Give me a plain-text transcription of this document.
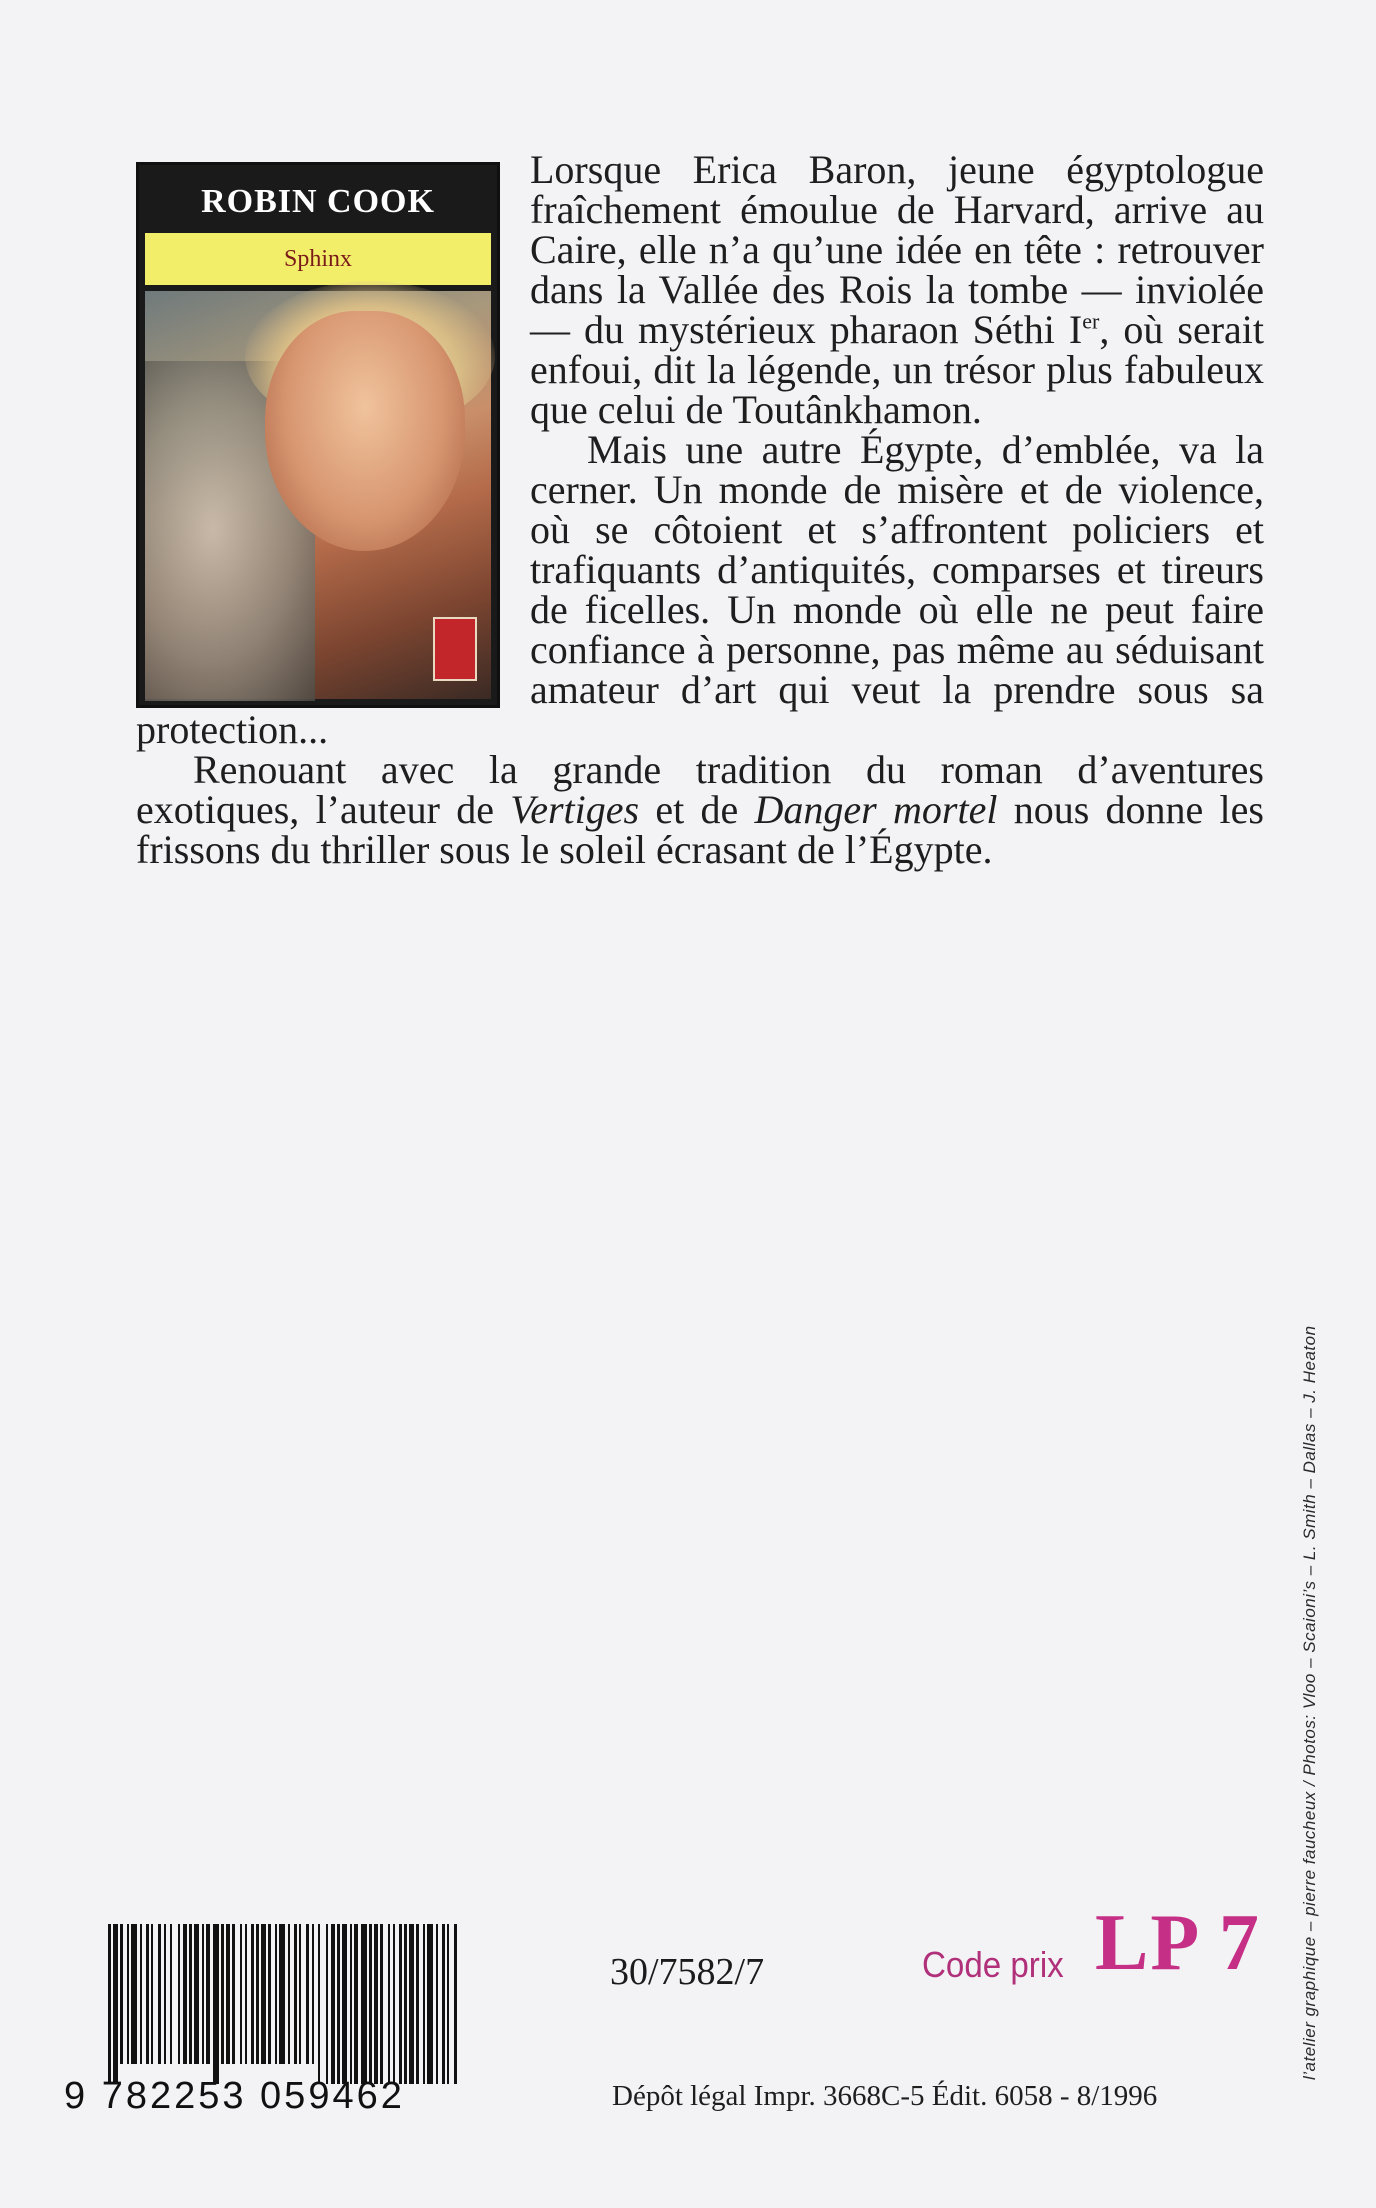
ROBIN COOK
Sphinx

Lorsque Erica Baron, jeune égyptologue fraîchement émoulue de Harvard, arrive au Caire, elle n’a qu’une idée en tête : retrouver dans la Vallée des Rois la tombe — inviolée — du mystérieux pharaon Séthi Ier, où serait enfoui, dit la légende, un trésor plus fabuleux que celui de Toutânkhamon.

Mais une autre Égypte, d’emblée, va la cerner. Un monde de misère et de violence, où se côtoient et s’affrontent policiers et trafiquants d’antiquités, comparses et tireurs de ficelles. Un monde où elle ne peut faire confiance à personne, pas même au séduisant amateur d’art qui veut la prendre sous sa protection...

Renouant avec la grande tradition du roman d’aventures exotiques, l’auteur de Vertiges et de Danger mortel nous donne les frissons du thriller sous le soleil écrasant de l’Égypte.

l’atelier graphique – pierre faucheux / Photos: Vloo – Scaioni’s – L. Smith – Dallas – J. Heaton
9 782253 059462
30/7582/7	Code prix LP 7
Dépôt légal Impr. 3668C-5 Édit. 6058 - 8/1996
